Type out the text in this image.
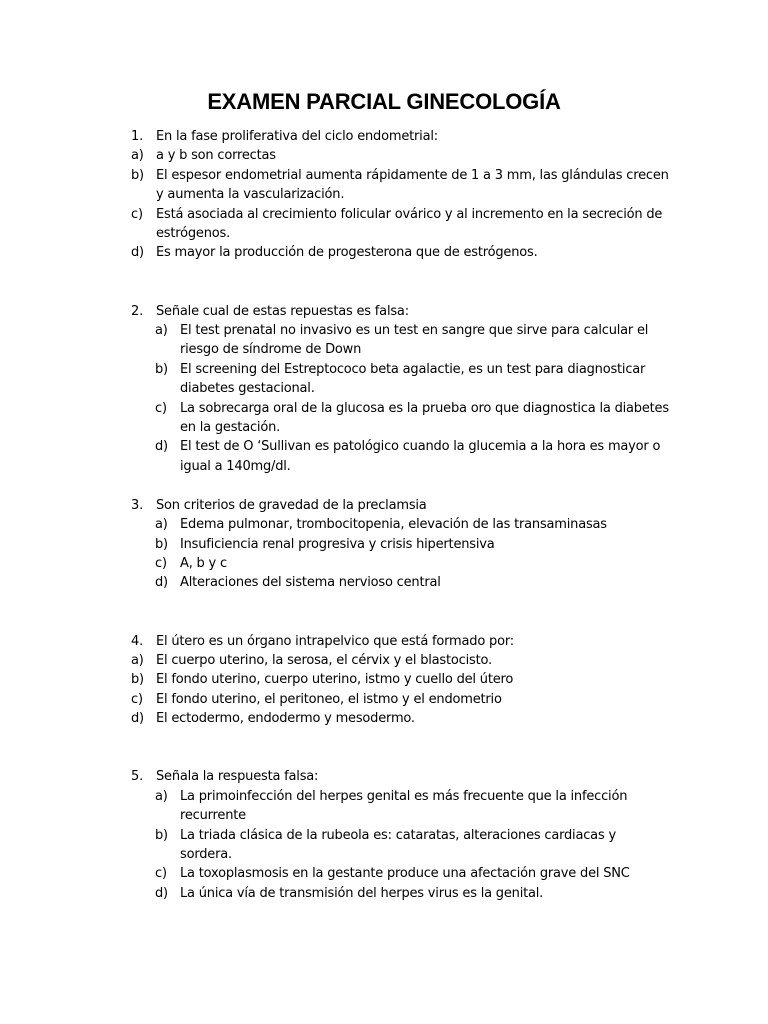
EXAMEN PARCIAL GINECOLOGÍA
1. En la fase proliferativa del ciclo endometrial:
a) a y b son correctas
b) El espesor endometrial aumenta rápidamente de 1 a 3 mm, las glándulas crecen y aumenta la vascularización.
c)	Está asociada al crecimiento folicular ovárico y al incremento en la secreción de estrógenos.
d) Es mayor la producción de progesterona que de estrógenos.
2. Señale cual de estas repuestas es falsa:
a) El test prenatal no invasivo es un test en sangre que sirve para calcular el riesgo de síndrome de Down
b) El screening del Estreptococo beta agalactie, es un test para diagnosticar diabetes gestacional.
c)	La sobrecarga oral de la glucosa es la prueba oro que diagnostica la diabetes en la gestación.
d) El test de O ‘Sullivan es patológico cuando la glucemia a la hora es mayor o igual a 140mg/dl.
3. Son criterios de gravedad de la preclamsia
a) Edema pulmonar, trombocitopenia, elevación de las transaminasas
b) Insuficiencia renal progresiva y crisis hipertensiva
c)	A, b y c
d) Alteraciones del sistema nervioso central
4. El útero es un órgano intrapelvico que está formado por:
a) El cuerpo uterino, la serosa, el cérvix y el blastocisto.
b) El fondo uterino, cuerpo uterino, istmo y cuello del útero
c)	El fondo uterino, el peritoneo, el istmo y el endometrio
d) El ectodermo, endodermo y mesodermo.
5. Señala la respuesta falsa:
a) La primoinfección del herpes genital es más frecuente que la infección recurrente
b) La triada clásica de la rubeola es: cataratas, alteraciones cardiacas y sordera.
c)	La toxoplasmosis en la gestante produce una afectación grave del SNC
d) La única vía de transmisión del herpes virus es la genital.
